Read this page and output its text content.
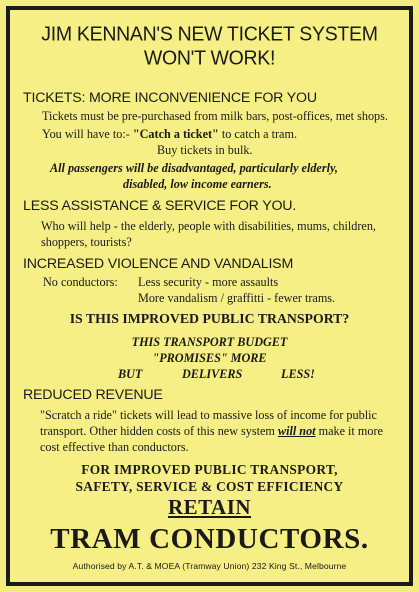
JIM KENNAN'S NEW TICKET SYSTEM
WON'T WORK!
TICKETS: MORE INCONVENIENCE FOR YOU
Tickets must be pre-purchased from milk bars, post-offices, met shops.
You will have to:- "Catch a ticket" to catch a tram.
Buy tickets in bulk.
All passengers will be disadvantaged, particularly elderly,
disabled, low income earners.
LESS ASSISTANCE & SERVICE FOR YOU.
Who will help - the elderly, people with disabilities, mums, children,
shoppers, tourists?
INCREASED VIOLENCE AND VANDALISM
No conductors: Less security - more assaults
More vandalism / graffitti - fewer trams.
IS THIS IMPROVED PUBLIC TRANSPORT?
THIS TRANSPORT BUDGET
"PROMISES" MORE
BUT	DELIVERS	LESS!
REDUCED REVENUE
"Scratch a ride" tickets will lead to massive loss of income for public
transport. Other hidden costs of this new system will not make it more
cost effective than conductors.
FOR IMPROVED PUBLIC TRANSPORT,
SAFETY, SERVICE & COST EFFICIENCY
RETAIN
TRAM CONDUCTORS.
Authorised by A.T. & MOEA (Tramway Union) 232 King St., Melbourne
